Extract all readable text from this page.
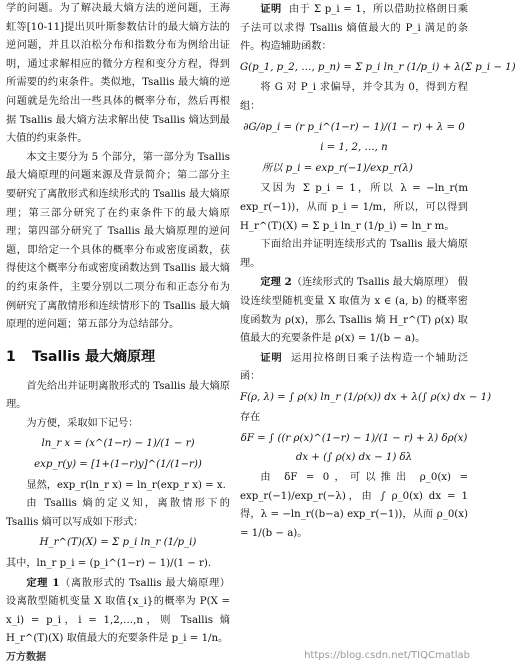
学的问题。为了解决最大熵方法的逆问题，王海虹等[10-11]提出贝叶斯参数估计的最大熵方法的逆问题，并且以泊松分布和指数分布为例给出证明，通过求解相应的微分方程和变分方程，得到所需要的约束条件。类似地，Tsallis 最大熵的逆问题就是先给出一些具体的概率分布，然后再根据 Tsallis 最大熵方法求解出使 Tsallis 熵达到最大值的约束条件。
本文主要分为 5 个部分，第一部分为 Tsallis 最大熵原理的问题来源及背景简介；第二部分主要研究了离散形式和连续形式的 Tsallis 最大熵原理；第三部分研究了在约束条件下的最大熵原理；第四部分研究了 Tsallis 最大熵原理的逆问题，即给定一个具体的概率分布或密度函数，获得使这个概率分布或密度函数达到 Tsallis 最大熵的约束条件，主要分别以二项分布和正态分布为例研究了离散情形和连续情形下的 Tsallis 最大熵原理的逆问题；第五部分为总结部分。
1 Tsallis 最大熵原理
首先给出并证明离散形式的 Tsallis 最大熵原理。
为方便，采取如下记号：
ln_r x = (x^(1−r) − 1)/(1 − r)
exp_r(y) = [1+(1−r)y]^(1/(1−r))
显然，exp_r(ln_r x) = ln_r(exp_r x) = x.
由 Tsallis 熵的定义知，离散情形下的 Tsallis 熵可以写成如下形式：
H_r^(T)(X) = Σ p_i ln_r (1/p_i)
其中，ln_r p_i = (p_i^(1−r) − 1)/(1 − r).
定理 1（离散形式的 Tsallis 最大熵原理） 设离散型随机变量 X 取值{x_i}的概率为 P(X = x_i) = p_i，i = 1,2,…,n，则 Tsallis 熵 H_r^(T)(X) 取值最大的充要条件是 p_i = 1/n。
万方数据
证明 由于 Σ p_i = 1，所以借助拉格朗日乘子法可以求得 Tsallis 熵值最大的 P_i 满足的条件。构造辅助函数：
G(p_1, p_2, …, p_n) = Σ p_i ln_r (1/p_i) + λ(Σ p_i − 1)
将 G 对 P_i 求偏导，并令其为 0，得到方程组：
∂G/∂p_i = (r p_i^(1−r) − 1)/(1 − r) + λ = 0
i = 1, 2, …, n
所以 p_i = exp_r(−1)/exp_r(λ)
又因为 Σ p_i = 1，所以 λ = −ln_r(m exp_r(−1))，从而 p_i = 1/m，所以，可以得到 H_r^(T)(X) = Σ p_i ln_r (1/p_i) = ln_r m。
下面给出并证明连续形式的 Tsallis 最大熵原理。
定理 2（连续形式的 Tsallis 最大熵原理） 假设连续型随机变量 X 取值为 x ∈ (a, b) 的概率密度函数为 ρ(x)，那么 Tsallis 熵 H_r^(T) ρ(x) 取值最大的充要条件是 ρ(x) = 1/(b − a)。
证明 运用拉格朗日乘子法构造一个辅助泛函：
F(ρ, λ) = ∫ ρ(x) ln_r (1/ρ(x)) dx + λ(∫ ρ(x) dx − 1)
存在
δF = ∫ ((r ρ(x)^(1−r) − 1)/(1 − r) + λ) δρ(x) dx + (∫ ρ(x) dx − 1) δλ
由 δF = 0，可以推出 ρ_0(x) = exp_r(−1)/exp_r(−λ)，由 ∫ ρ_0(x) dx = 1 得，λ = −ln_r((b−a) exp_r(−1))，从而 ρ_0(x) = 1/(b − a)。
https://blog.csdn.net/TIQCmatlab
